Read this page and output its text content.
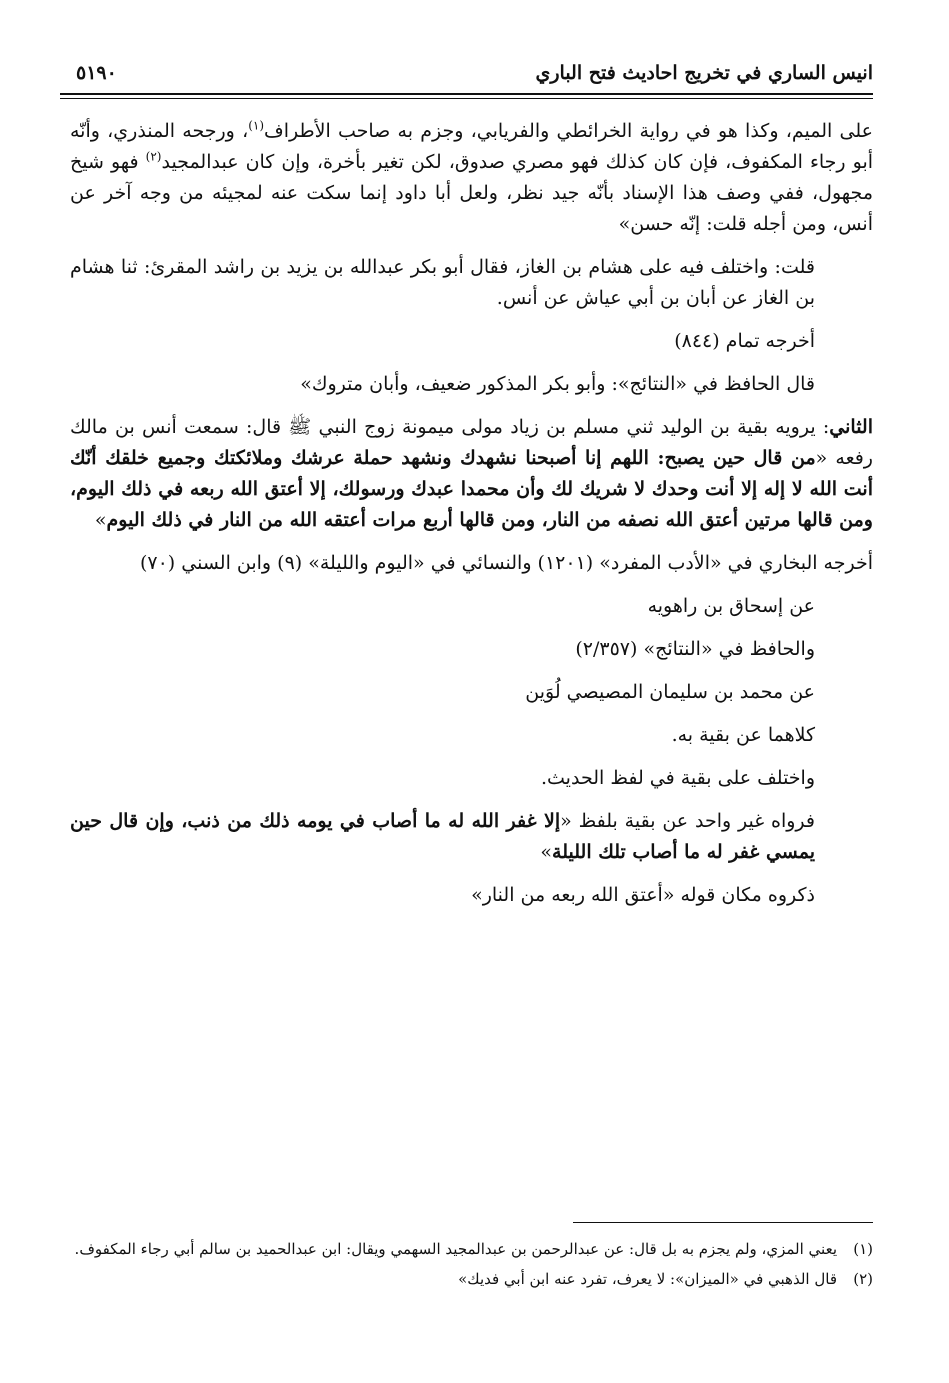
انيس الساري في تخريج احاديث فتح الباري
٥١٩٠

على الميم، وكذا هو في رواية الخرائطي والفريابي، وجزم به صاحب الأطراف$^{(١)}$، ورجحه المنذري، وأنّه أبو رجاء المكفوف، فإن كان كذلك فهو مصري صدوق، لكن تغير بأخرة، وإن كان عبدالمجيد$^{(٢)}$ فهو شيخ مجهول، ففي وصف هذا الإسناد بأنّه جيد نظر، ولعل أبا داود إنما سكت عنه لمجيئه من وجه آخر عن أنس، ومن أجله قلت: إنّه حسن»

قلت: واختلف فيه على هشام بن الغاز، فقال أبو بكر عبدالله بن يزيد بن راشد المقرئ: ثنا هشام بن الغاز عن أبان بن أبي عياش عن أنس.

أخرجه تمام (٨٤٤)

قال الحافظ في «النتائج»: وأبو بكر المذكور ضعيف، وأبان متروك»

الثاني: يرويه بقية بن الوليد ثني مسلم بن زياد مولى ميمونة زوج النبي ﷺ قال: سمعت أنس بن مالك رفعه «من قال حين يصبح: اللهم إنا أصبحنا نشهدك ونشهد حملة عرشك وملائكتك وجميع خلقك أنّك أنت الله لا إله إلا أنت وحدك لا شريك لك وأن محمدا عبدك ورسولك، إلا أعتق الله ربعه في ذلك اليوم، ومن قالها مرتين أعتق الله نصفه من النار، ومن قالها أربع مرات أعتقه الله من النار في ذلك اليوم»

أخرجه البخاري في «الأدب المفرد» (١٢٠١) والنسائي في «اليوم والليلة» (٩) وابن السني (٧٠)

عن إسحاق بن راهويه

والحافظ في «النتائج» (٢/٣٥٧)

عن محمد بن سليمان المصيصي لُوَين

كلاهما عن بقية به.

واختلف على بقية في لفظ الحديث.

فرواه غير واحد عن بقية بلفظ «إلا غفر الله له ما أصاب في يومه ذلك من ذنب، وإن قال حين يمسي غفر له ما أصاب تلك الليلة»

ذكروه مكان قوله «أعتق الله ربعه من النار»

(١)
يعني المزي، ولم يجزم به بل قال: عن عبدالرحمن بن عبدالمجيد السهمي ويقال: ابن عبدالحميد بن سالم أبي رجاء المكفوف.
(٢)
قال الذهبي في «الميزان»: لا يعرف، تفرد عنه ابن أبي فديك»
